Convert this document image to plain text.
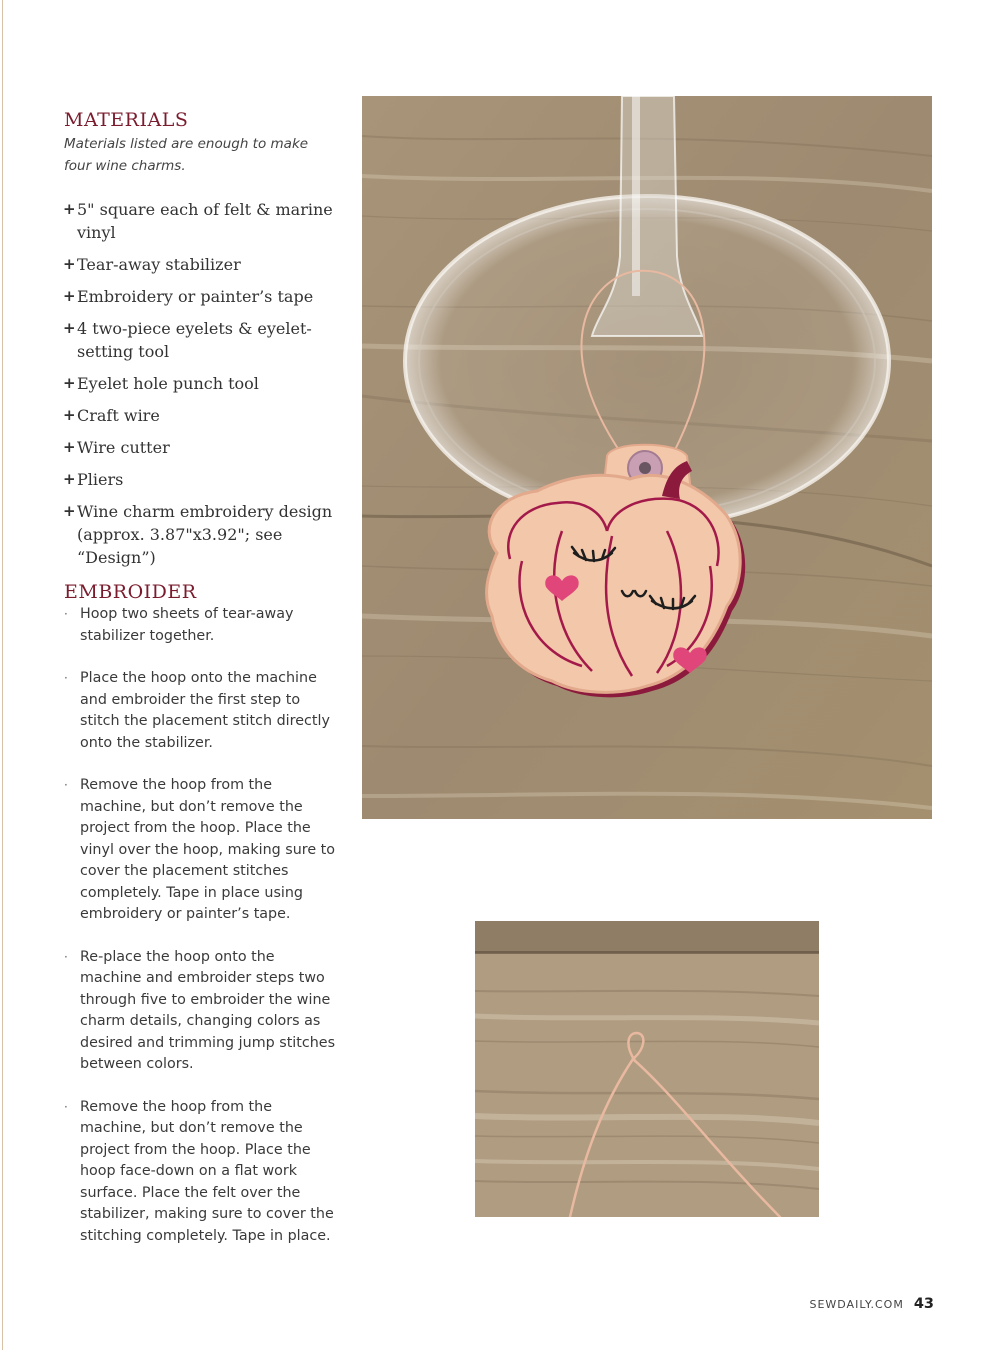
MATERIALS

Materials listed are enough to make four wine charms.

+ 5" square each of felt & marine vinyl
+ Tear-away stabilizer
+ Embroidery or painter’s tape
+ 4 two-piece eyelets & eyelet-setting tool
+ Eyelet hole punch tool
+ Craft wire
+ Wire cutter
+ Pliers
+ Wine charm embroidery design (approx. 3.87"x3.92"; see “Design”)
EMBROIDER
· Hoop two sheets of tear-away stabilizer together.
· Place the hoop onto the machine and embroider the first step to stitch the placement stitch directly onto the stabilizer.
· Remove the hoop from the machine, but don’t remove the project from the hoop. Place the vinyl over the hoop, making sure to cover the placement stitches completely. Tape in place using embroidery or painter’s tape.
· Re-place the hoop onto the machine and embroider steps two through five to embroider the wine charm details, changing colors as desired and trimming jump stitches between colors.
· Remove the hoop from the machine, but don’t remove the project from the hoop. Place the hoop face-down on a flat work surface. Place the felt over the stabilizer, making sure to cover the stitching completely. Tape in place.
SEWDAILY.COM 43
